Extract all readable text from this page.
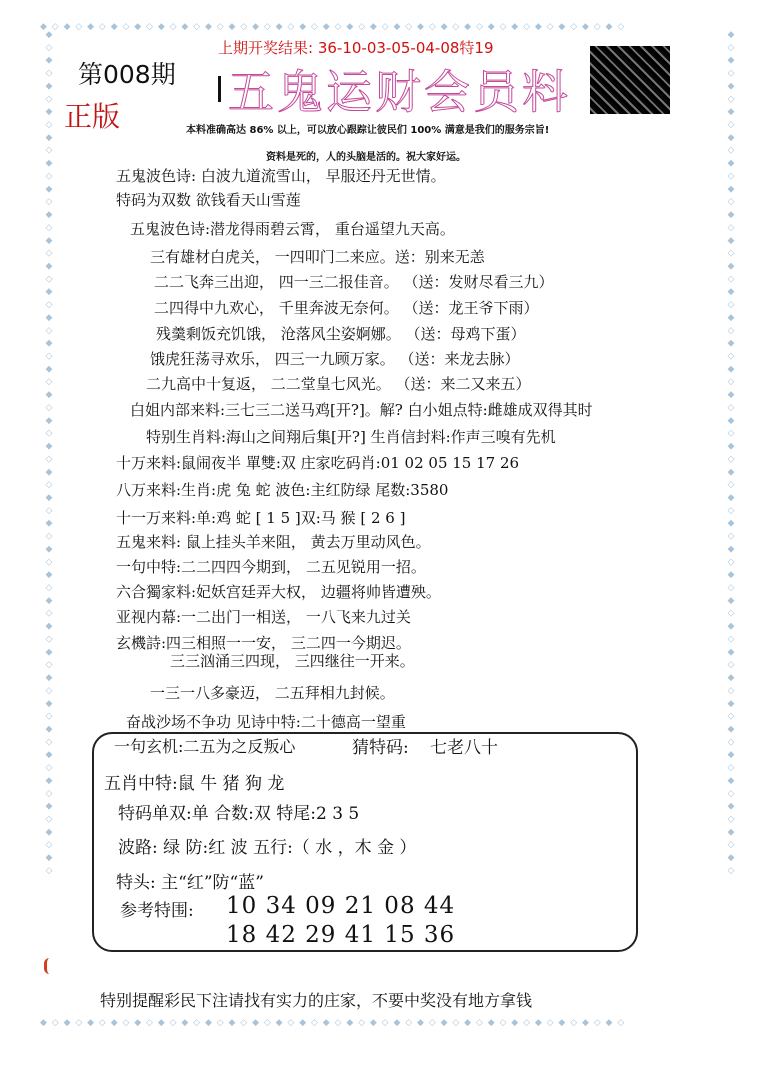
◆ ◇ ◆ ◇ ◆ ◇ ◆ ◇ ◆ ◇ ◆ ◇ ◆ ◇ ◆ ◇ ◆ ◇ ◆ ◇ ◆ ◇ ◆ ◇ ◆ ◇ ◆ ◇ ◆ ◇ ◆ ◇ ◆ ◇ ◆ ◇ ◆ ◇ ◆ ◇ ◆ ◇ ◆ ◇ ◆ ◇ ◆ ◇ ◆ ◇
◆ ◇ ◆ ◇ ◆ ◇ ◆ ◇ ◆ ◇ ◆ ◇ ◆ ◇ ◆ ◇ ◆ ◇ ◆ ◇ ◆ ◇ ◆ ◇ ◆ ◇ ◆ ◇ ◆ ◇ ◆ ◇ ◆ ◇ ◆ ◇ ◆ ◇ ◆ ◇ ◆ ◇ ◆ ◇ ◆ ◇ ◆ ◇ ◆ ◇
◆ ◇ ◆ ◇ ◆ ◇ ◆ ◇ ◆ ◇ ◆ ◇ ◆ ◇ ◆ ◇ ◆ ◇ ◆ ◇ ◆ ◇ ◆ ◇ ◆ ◇ ◆ ◇ ◆ ◇ ◆ ◇ ◆ ◇ ◆ ◇ ◆ ◇ ◆ ◇ ◆ ◇ ◆ ◇ ◆ ◇ ◆ ◇ ◆ ◇ ◆ ◇ ◆ ◇ ◆ ◇ ◆ ◇ ◆ ◇ ◆ ◇ ◆ ◇ ◆ ◇	◆ ◇ ◆ ◇ ◆ ◇ ◆ ◇ ◆ ◇ ◆ ◇ ◆ ◇ ◆ ◇ ◆ ◇ ◆ ◇ ◆ ◇ ◆ ◇ ◆ ◇ ◆ ◇ ◆ ◇ ◆ ◇ ◆ ◇ ◆ ◇ ◆ ◇ ◆ ◇ ◆ ◇ ◆ ◇ ◆ ◇ ◆ ◇ ◆ ◇ ◆ ◇ ◆ ◇ ◆ ◇ ◆ ◇ ◆ ◇ ◆ ◇ ◆ ◇ ◆ ◇
上期开奖结果: 36-10-03-05-04-08特19
第008期
正版 五鬼运财会员料
本料准确高达 86% 以上，可以放心跟踪让彼民们 100% 满意是我们的服务宗旨!
资料是死的，人的头脑是活的。祝大家好运。
五鬼波色诗: 白波九道流雪山， 早服还丹无世情。
特码为双数 欲钱看天山雪莲
五鬼波色诗:潜龙得雨碧云霄， 重台遥望九天高。
三有雄材白虎关， 一四叩门二来应。送：别来无恙
二二飞奔三出迎， 四一三二报佳音。 （送：发财尽看三九）
二四得中九欢心， 千里奔波无奈何。 （送：龙王爷下雨）
残羹剩饭充饥饿， 沧落风尘姿婀娜。 （送：母鸡下蛋）
饿虎狂荡寻欢乐， 四三一九顾万家。 （送：来龙去脉）
二九高中十复返， 二二堂皇七风光。 （送：来二又来五）
白姐内部来料:三七三二送马鸡[开?]。解? 白小姐点特:雌雄成双得其时
特别生肖料:海山之间翔后集[开?] 生肖信封料:作声三嗅有先机
十万来料:鼠闹夜半 單雙:双 庄家吃码肖:01 02 05 15 17 26
八万来料:生肖:虎 兔 蛇 波色:主红防绿 尾数:3580
十一万来料:单:鸡 蛇 [ 1 5 ]双:马 猴 [ 2 6 ]
五鬼来料: 鼠上挂头羊来阻， 黄去万里动风色。
一句中特:二二四四今期到， 二五见锐用一招。
六合獨家料:妃妖宫廷弄大权， 边疆将帅皆遭殃。
亚视内幕:一二出门一相送， 一八飞来九过关
玄機詩:四三相照一一安， 三二四一今期迟。
三三汹涌三四现， 三四继往一开来。
一三一八多豪迈， 二五拜相九封候。
奋战沙场不争功 见诗中特:二十德高一望重
一句玄机:二五为之反叛心	猜特码: 七老八十
五肖中特:鼠 牛 猪 狗 龙
特码单双:单 合数:双 特尾:2 3 5
波路: 绿 防:红 波 五行:（ 水 ，木 金 ）
特头: 主“红”防“蓝”
参考特围: 10 34 09 21 08 44
18 42 29 41 15 36
特别提醒彩民下注请找有实力的庄家，不要中奖没有地方拿钱
